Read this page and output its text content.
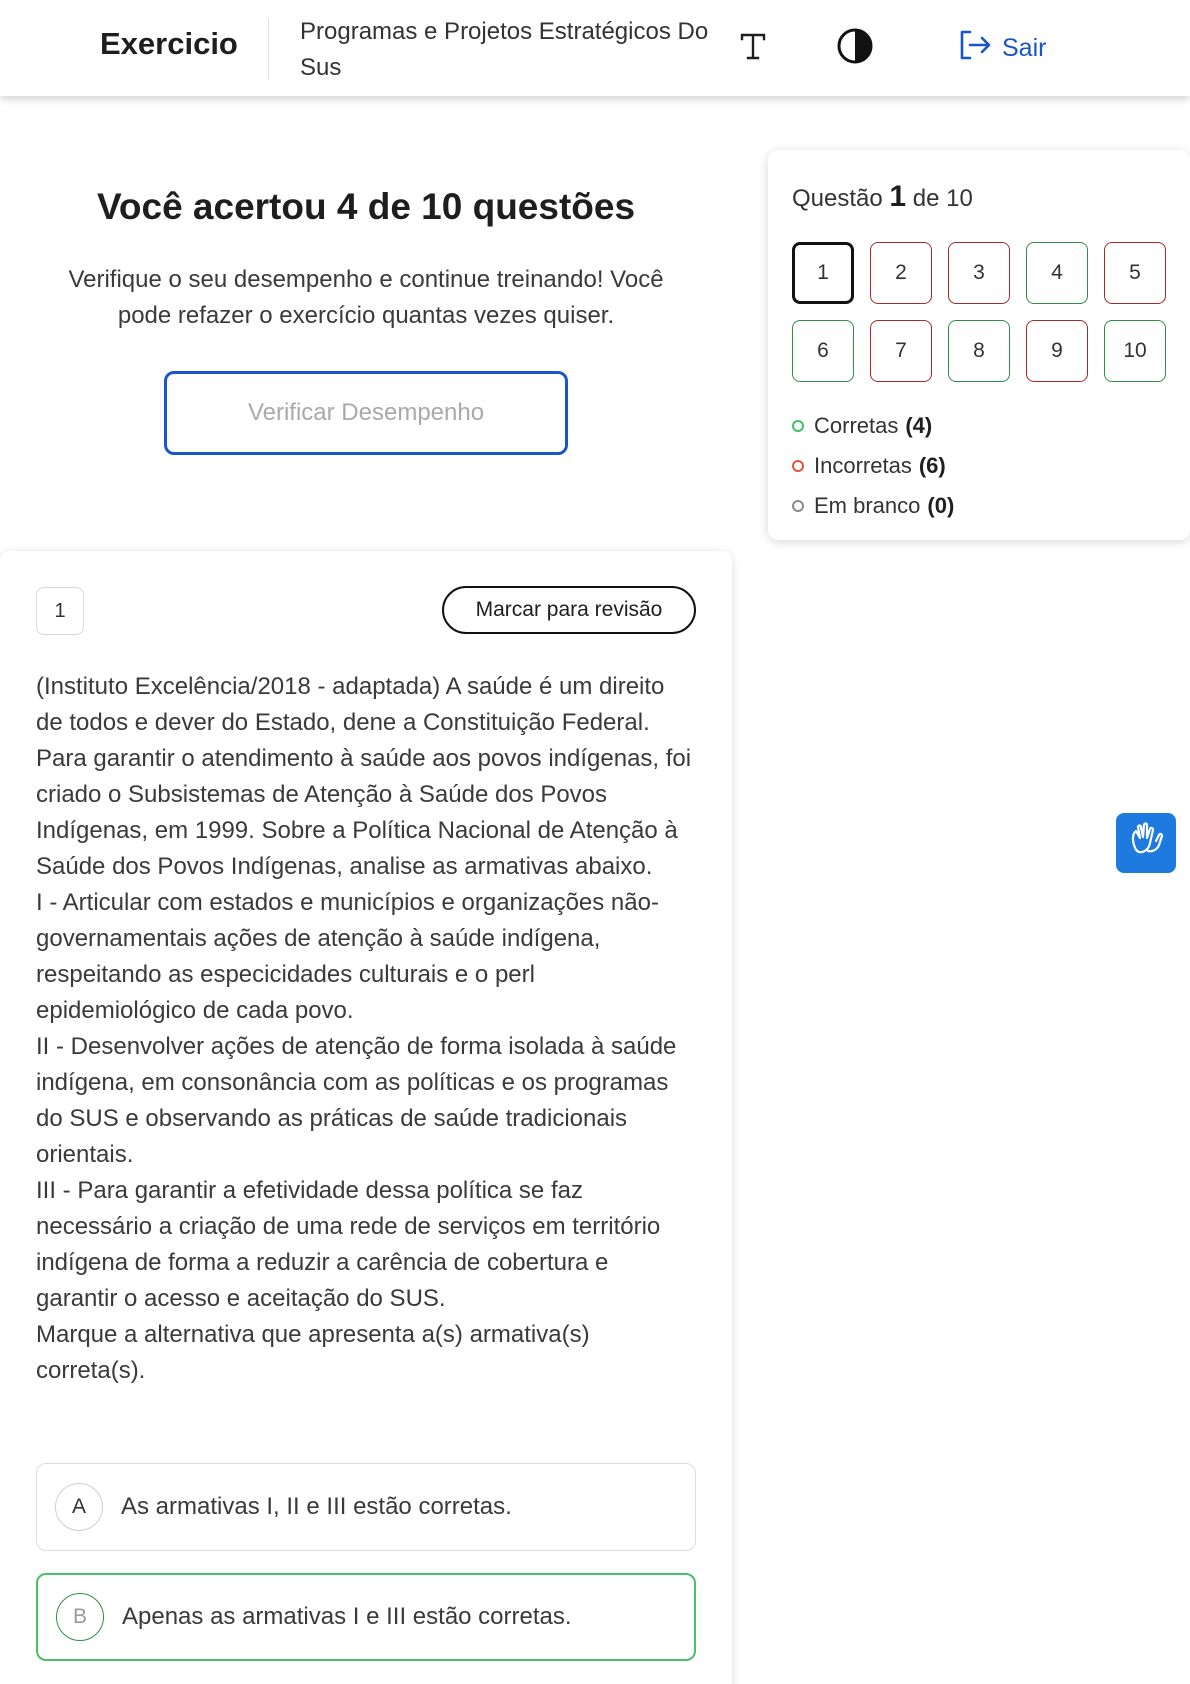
Exercicio	Programas e Projetos Estratégicos Do Sus
Sair
Você acertou 4 de 10 questões
Verifique o seu desempenho e continue treinando! Você pode refazer o exercício quantas vezes quiser.
Verificar Desempenho
Questão 1 de 10
1	2	3	4	5
6	7	8	9	10
Corretas (4)
Incorretas (6)
Em branco (0)
1	Marcar para revisão

(Instituto Excelência/2018 - adaptada) A saúde é um direito de todos e dever do Estado, dene a Constituição Federal. Para garantir o atendimento à saúde aos povos indígenas, foi criado o Subsistemas de Atenção à Saúde dos Povos Indígenas, em 1999. Sobre a Política Nacional de Atenção à Saúde dos Povos Indígenas, analise as armativas abaixo.

I - Articular com estados e municípios e organizações não-governamentais ações de atenção à saúde indígena, respeitando as especicidades culturais e o perl epidemiológico de cada povo.

II - Desenvolver ações de atenção de forma isolada à saúde indígena, em consonância com as políticas e os programas do SUS e observando as práticas de saúde tradicionais orientais.

III - Para garantir a efetividade dessa política se faz necessário a criação de uma rede de serviços em território indígena de forma a reduzir a carência de cobertura e garantir o acesso e aceitação do SUS.

Marque a alternativa que apresenta a(s) armativa(s) correta(s).

A	As armativas I, II e III estão corretas.
B	Apenas as armativas I e III estão corretas.
